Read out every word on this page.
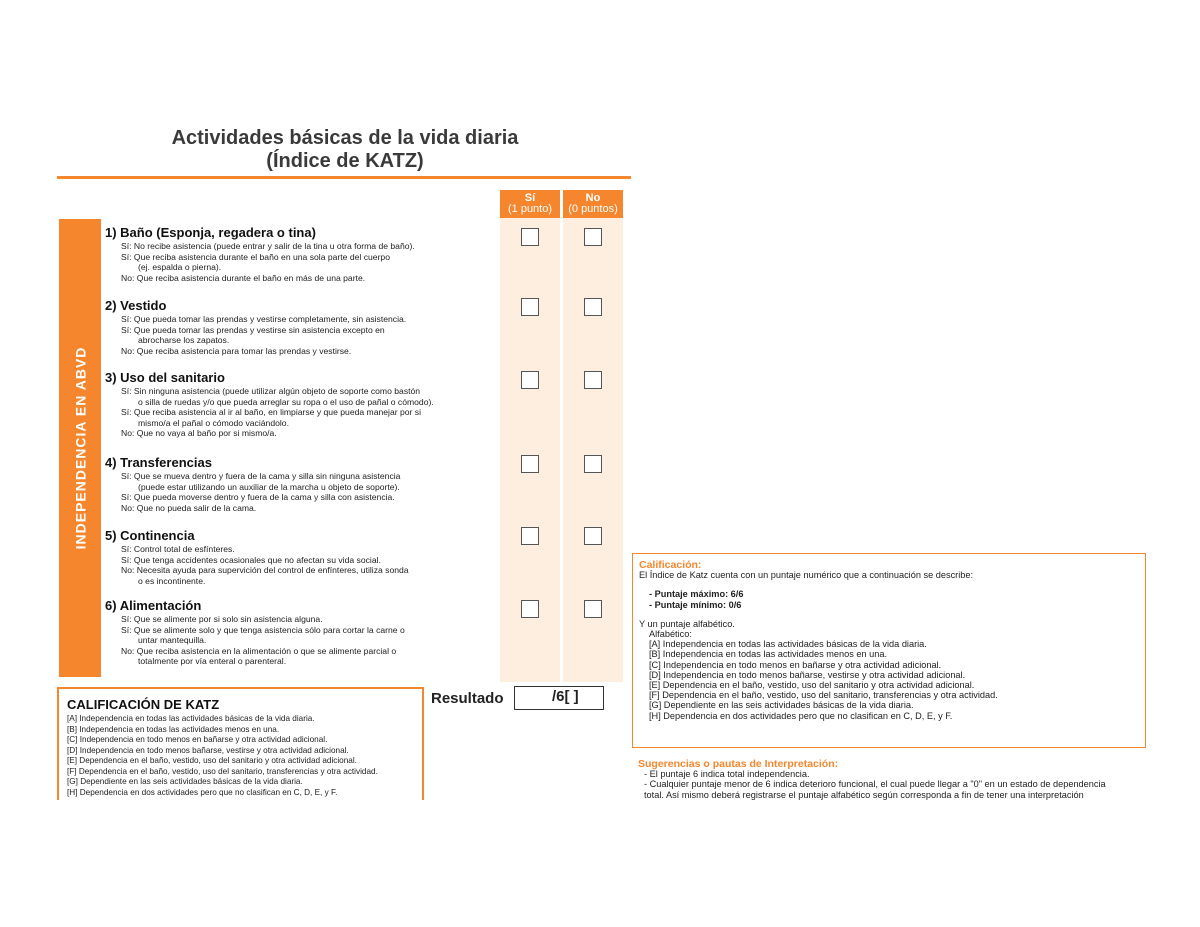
Actividades básicas de la vida diaria
(Índice de KATZ)
INDEPENDENCIA EN ABVD
Sí
(1 punto)
No
(0 puntos)
1) Baño (Esponja, regadera o tina)
Sí: No recibe asistencia (puede entrar y salir de la tina u otra forma de baño).
Sí: Que reciba asistencia durante el baño en una sola parte del cuerpo
(ej. espalda o pierna).
No: Que reciba asistencia durante el baño en más de una parte.
2) Vestido
Sí: Que pueda tomar las prendas y vestirse completamente, sin asistencia.
Sí: Que pueda tomar las prendas y vestirse sin asistencia excepto en
abrocharse los zapatos.
No: Que reciba asistencia para tomar las prendas y vestirse.
3) Uso del sanitario
Sí: Sin ninguna asistencia (puede utilizar algún objeto de soporte como bastón
o silla de ruedas y/o que pueda arreglar su ropa o el uso de pañal o cómodo).
Sí: Que reciba asistencia al ir al baño, en limpiarse y que pueda manejar por si
mismo/a el pañal o cómodo vaciándolo.
No: Que no vaya al baño por si mismo/a.
4) Transferencias
Sí: Que se mueva dentro y fuera de la cama y silla sin ninguna asistencia
(puede estar utilizando un auxiliar de la marcha u objeto de soporte).
Sí: Que pueda moverse dentro y fuera de la cama y silla con asistencia.
No: Que no pueda salir de la cama.
5) Continencia
Sí: Control total de esfínteres.
Sí: Que tenga accidentes ocasionales que no afectan su vida social.
No: Necesita ayuda para supervición del control de enfínteres, utiliza sonda
o es incontinente.
6) Alimentación
Sí: Que se alimente por si solo sin asistencia alguna.
Sí: Que se alimente solo y que tenga asistencia sólo para cortar la carne o
untar mantequilla.
No: Que reciba asistencia en la alimentación o que se alimente parcial o
totalmente por vía enteral o parenteral.
Resultado	/6[ ]
CALIFICACIÓN DE KATZ
[A] Independencia en todas las actividades básicas de la vida diaria.
[B] Independencia en todas las actividades menos en una.
[C] Independencia en todo menos en bañarse y otra actividad adicional.
[D] Independencia en todo menos bañarse, vestirse y otra actividad adicional.
[E] Dependencia en el baño, vestido, uso del sanitario y otra actividad adicional.
[F] Dependencia en el baño, vestido, uso del sanitario, transferencias y otra actividad.
[G] Dependiente en las seis actividades básicas de la vida diaria.
[H] Dependencia en dos actividades pero que no clasifican en C, D, E, y F.
Calificación:
El Índice de Katz cuenta con un puntaje numérico que a continuación se describe:
- Puntaje máximo: 6/6
- Puntaje mínimo: 0/6
Y un puntaje alfabético.
Alfabético:
[A] Independencia en todas las actividades básicas de la vida diaria.
[B] Independencia en todas las actividades menos en una.
[C] Independencia en todo menos en bañarse y otra actividad adicional.
[D] Independencia en todo menos bañarse, vestirse y otra actividad adicional.
[E] Dependencia en el baño, vestido, uso del sanitario y otra actividad adicional.
[F] Dependencia en el baño, vestido, uso del sanitario, transferencias y otra actividad.
[G] Dependiente en las seis actividades básicas de la vida diaria.
[H] Dependencia en dos actividades pero que no clasifican en C, D, E, y F.
Sugerencias o pautas de Interpretación:
- El puntaje 6 indica total independencia.
- Cualquier puntaje menor de 6 indica deterioro funcional, el cual puede llegar a "0" en un estado de dependencia
total. Así mismo deberá registrarse el puntaje alfabético según corresponda a fin de tener una interpretación
